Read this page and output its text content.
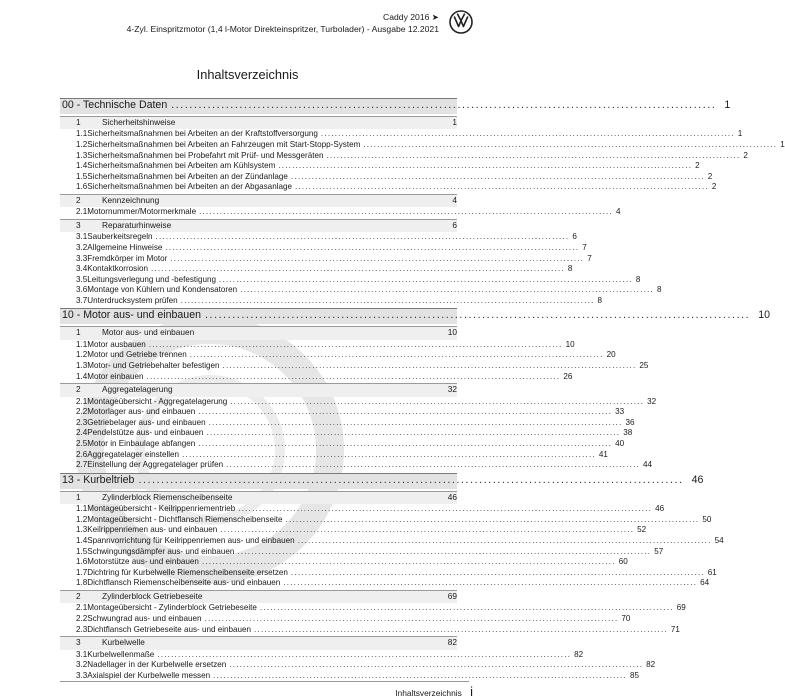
Caddy 2016 ➤
4-Zyl. Einspritzmotor (1,4 l-Motor Direkteinspritzer, Turbolader) - Ausgabe 12.2021
Inhaltsverzeichnis
00 - Technische Daten ........................................................................................................................ 1
1	Sicherheitshinweise	1
1.1 Sicherheitsmaßnahmen bei Arbeiten an der Kraftstoffversorgung ........................................................................................................................ 1
1.2 Sicherheitsmaßnahmen bei Arbeiten an Fahrzeugen mit Start-Stopp-System ........................................................................................................................ 1
1.3 Sicherheitsmaßnahmen bei Probefahrt mit Prüf- und Messgeräten ........................................................................................................................ 2
1.4 Sicherheitsmaßnahmen bei Arbeiten am Kühlsystem ........................................................................................................................ 2
1.5 Sicherheitsmaßnahmen bei Arbeiten an der Zündanlage ........................................................................................................................ 2
1.6 Sicherheitsmaßnahmen bei Arbeiten an der Abgasanlage ........................................................................................................................ 2
2	Kennzeichnung	4
2.1 Motornummer/Motormerkmale ........................................................................................................................ 4
3	Reparaturhinweise	6
3.1 Sauberkeitsregeln ........................................................................................................................ 6
3.2 Allgemeine Hinweise ........................................................................................................................ 7
3.3 Fremdkörper im Motor ........................................................................................................................ 7
3.4 Kontaktkorrosion ........................................................................................................................ 8
3.5 Leitungsverlegung und -befestigung ........................................................................................................................ 8
3.6 Montage von Kühlern und Kondensatoren ........................................................................................................................ 8
3.7 Unterdrucksystem prüfen ........................................................................................................................ 8
10 - Motor aus- und einbauen ........................................................................................................................ 10
1	Motor aus- und einbauen	10
1.1 Motor ausbauen ........................................................................................................................ 10
1.2 Motor und Getriebe trennen ........................................................................................................................ 20
1.3 Motor- und Getriebehalter befestigen ........................................................................................................................ 25
1.4 Motor einbauen ........................................................................................................................ 26
2	Aggregatelagerung	32
2.1 Montageübersicht - Aggregatelagerung ........................................................................................................................ 32
2.2 Motorlager aus- und einbauen ........................................................................................................................ 33
2.3 Getriebelager aus- und einbauen ........................................................................................................................ 36
2.4 Pendelstütze aus- und einbauen ........................................................................................................................ 38
2.5 Motor in Einbaulage abfangen ........................................................................................................................ 40
2.6 Aggregatelager einstellen ........................................................................................................................ 41
2.7 Einstellung der Aggregatelager prüfen ........................................................................................................................ 44
13 - Kurbeltrieb ........................................................................................................................ 46
1	Zylinderblock Riemenscheibenseite	46
1.1 Montageübersicht - Keilrippenriementrieb ........................................................................................................................ 46
1.2 Montageübersicht - Dichtflansch Riemenscheibenseite ........................................................................................................................ 50
1.3 Keilrippenriemen aus- und einbauen ........................................................................................................................ 52
1.4 Spannvorrichtung für Keilrippenriemen aus- und einbauen ........................................................................................................................ 54
1.5 Schwingungsdämpfer aus- und einbauen ........................................................................................................................ 57
1.6 Motorstütze aus- und einbauen ........................................................................................................................ 60
1.7 Dichtring für Kurbelwelle Riemenscheibenseite ersetzen ........................................................................................................................ 61
1.8 Dichtflansch Riemenscheibenseite aus- und einbauen ........................................................................................................................ 64
2	Zylinderblock Getriebeseite	69
2.1 Montageübersicht - Zylinderblock Getriebeseite ........................................................................................................................ 69
2.2 Schwungrad aus- und einbauen ........................................................................................................................ 70
2.3 Dichtflansch Getriebeseite aus- und einbauen ........................................................................................................................ 71
3	Kurbelwelle	82
3.1 Kurbelwellenmaße ........................................................................................................................ 82
3.2 Nadellager in der Kurbelwelle ersetzen ........................................................................................................................ 82
3.3 Axialspiel der Kurbelwelle messen ........................................................................................................................ 85
Inhaltsverzeichnis i
